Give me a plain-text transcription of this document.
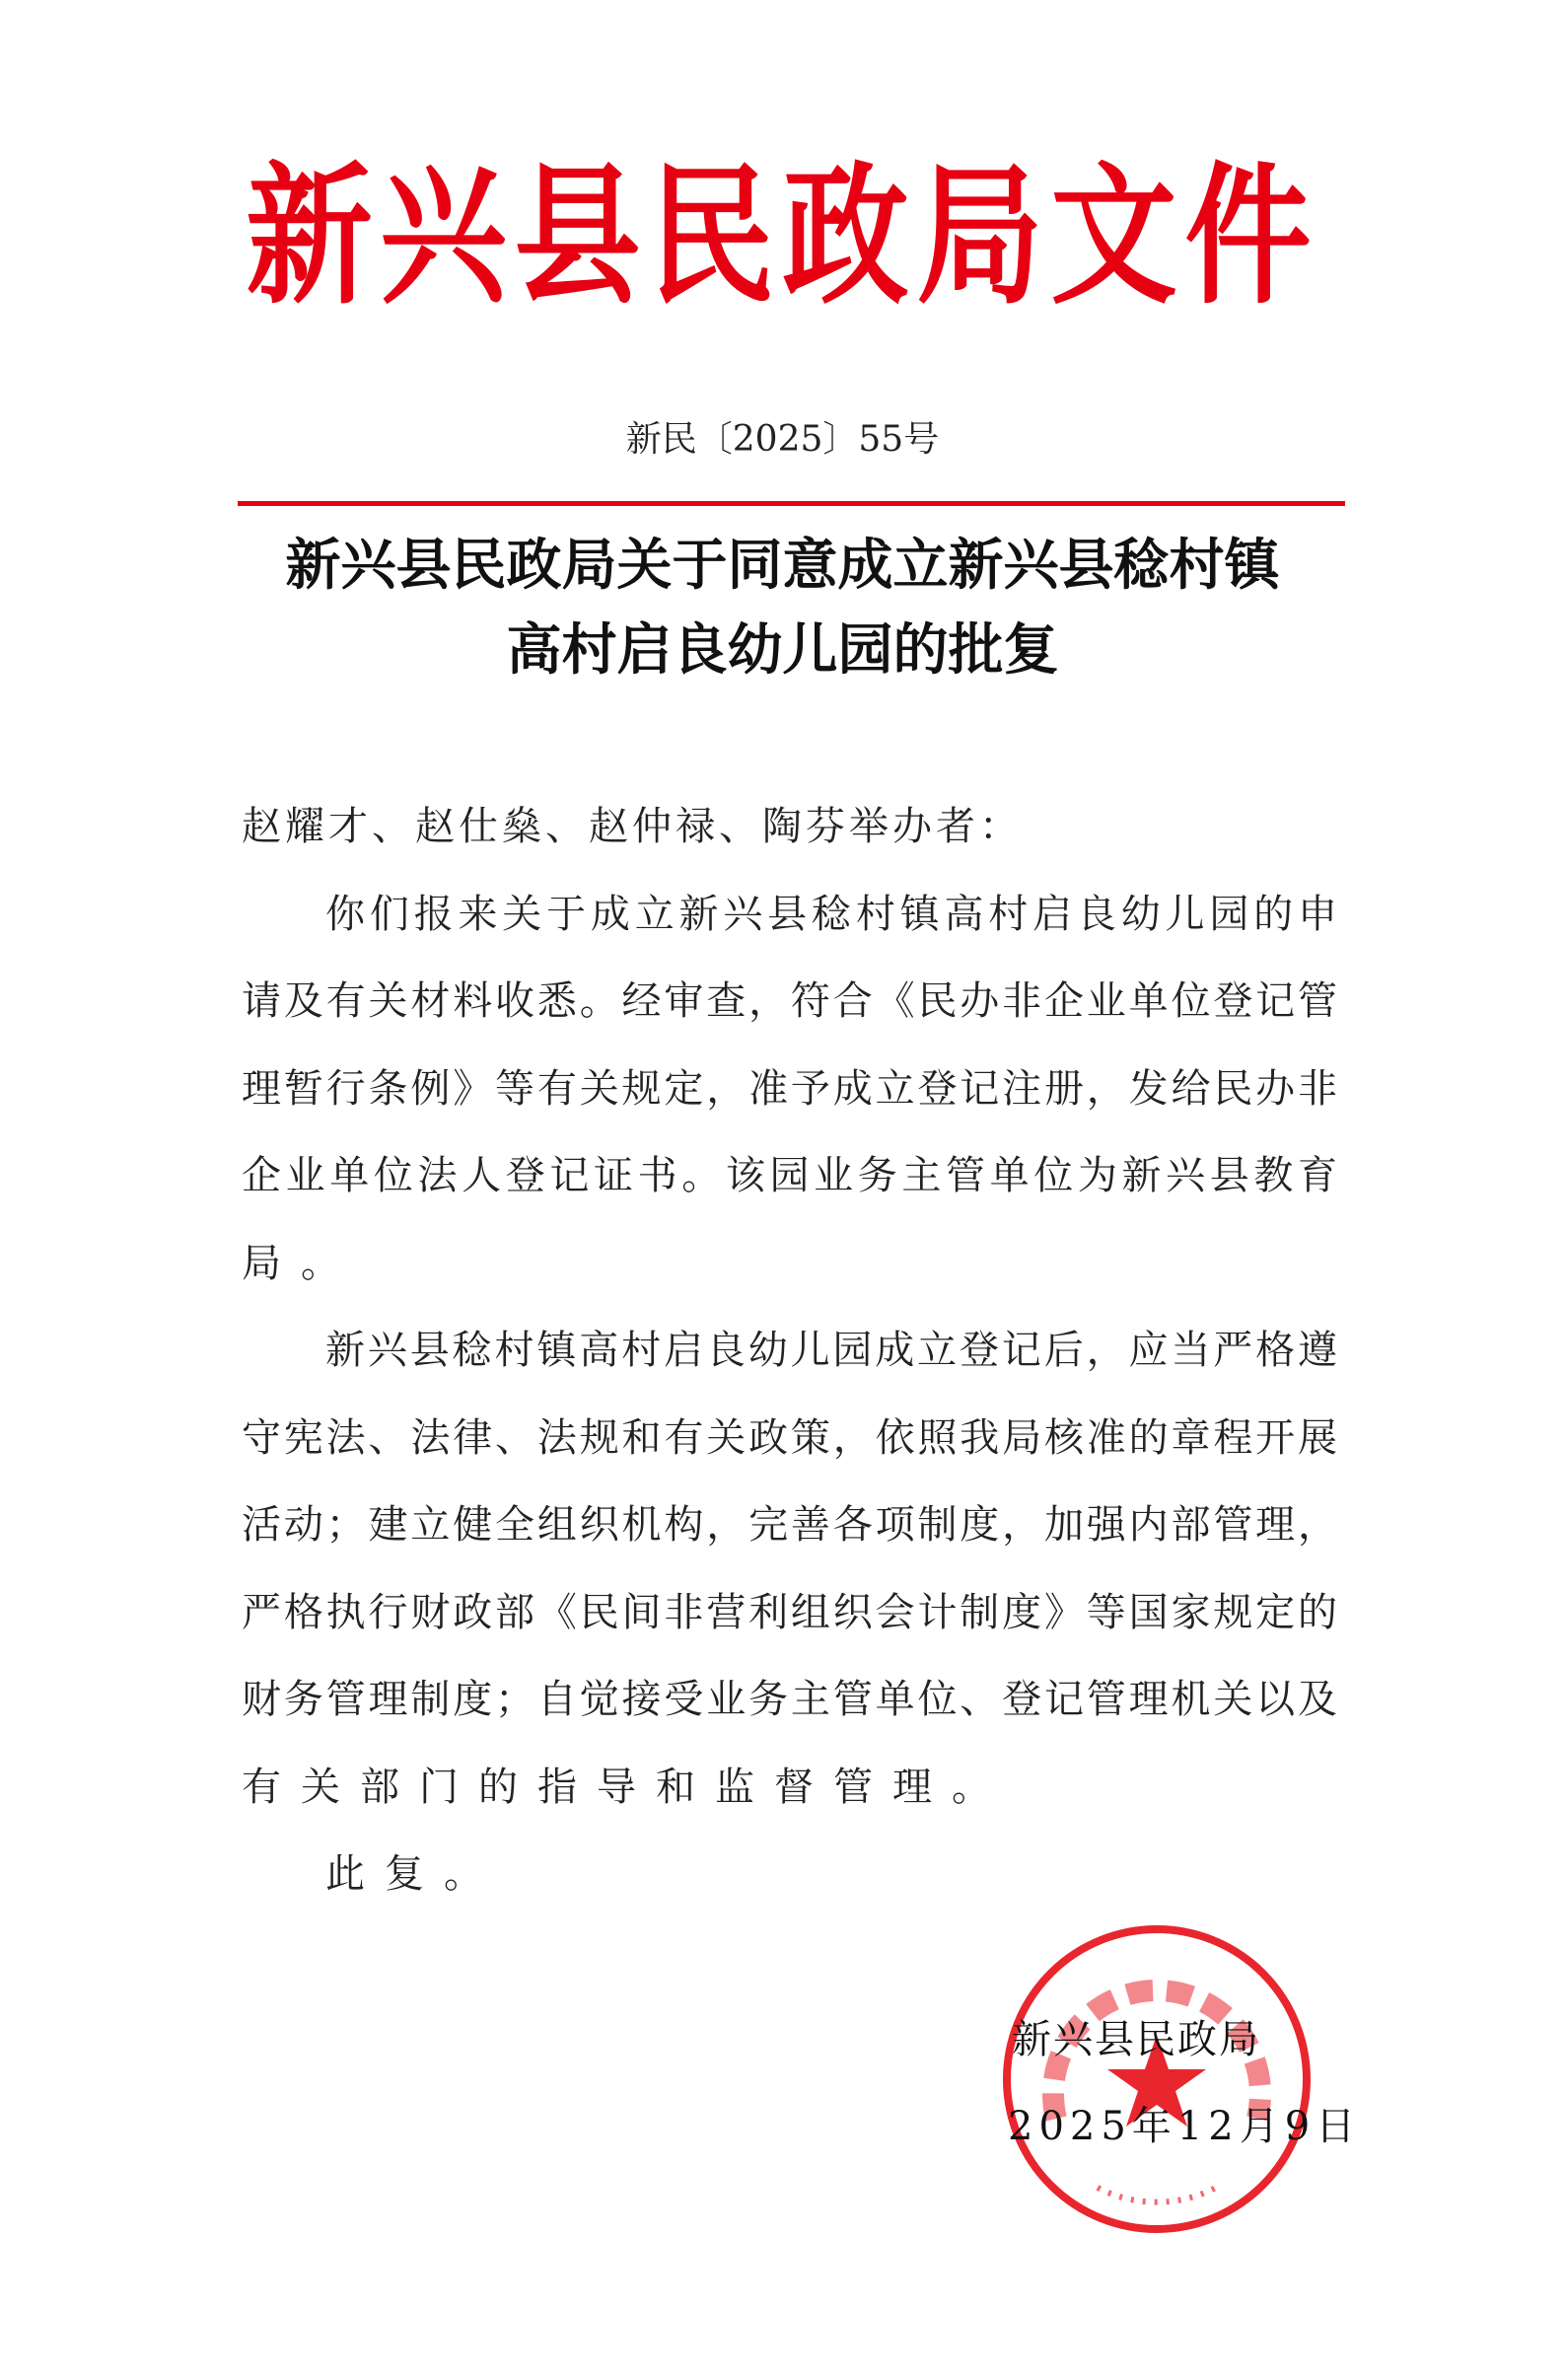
新兴县民政局文件
新民〔2025〕55号
新兴县民政局关于同意成立新兴县稔村镇
高村启良幼儿园的批复
赵耀才、赵仕燊、赵仲禄、陶芬举办者：
你们报来关于成立新兴县稔村镇高村启良幼儿园的申
请及有关材料收悉。经审查，符合《民办非企业单位登记管
理暂行条例》等有关规定，准予成立登记注册，发给民办非
企业单位法人登记证书。该园业务主管单位为新兴县教育
局。
新兴县稔村镇高村启良幼儿园成立登记后，应当严格遵
守宪法、法律、法规和有关政策，依照我局核准的章程开展
活动；建立健全组织机构，完善各项制度，加强内部管理，
严格执行财政部《民间非营利组织会计制度》等国家规定的
财务管理制度；自觉接受业务主管单位、登记管理机关以及
有关部门的指导和监督管理。
此复。
新兴县民政局
2025年12月9日
